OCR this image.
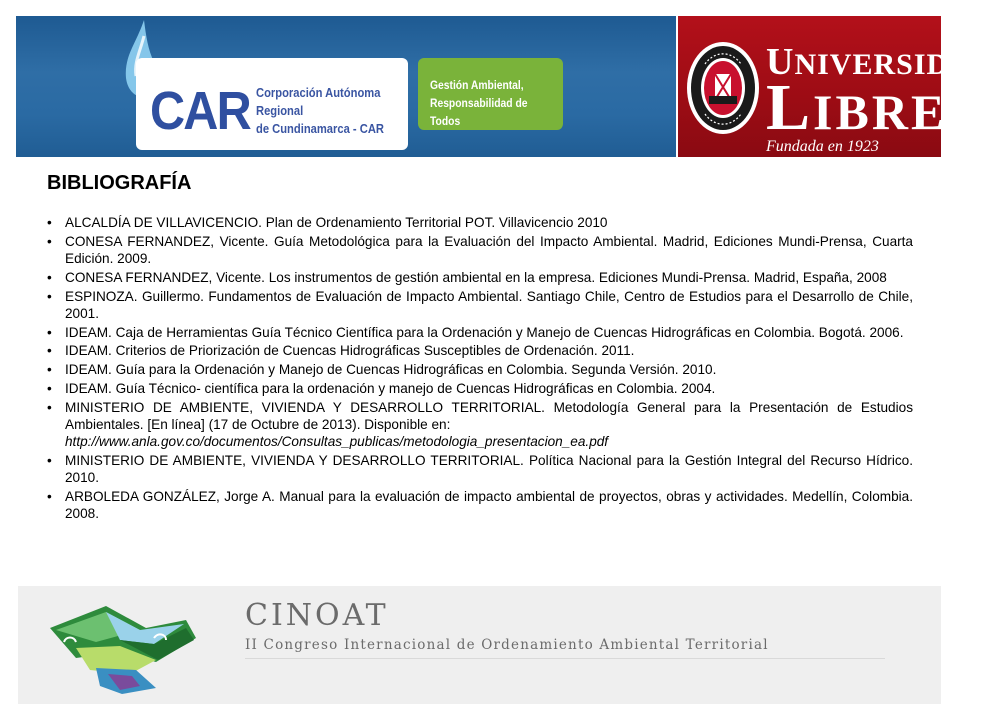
CAR Corporación Autónoma Regional
de Cundinamarca - CAR
Gestión Ambiental,
Responsabilidad de Todos
UNIVERSIDAD
LIBRE
Fundada en 1923
BIBLIOGRAFÍA
• ALCALDÍA DE VILLAVICENCIO. Plan de Ordenamiento Territorial POT. Villavicencio 2010
• CONESA FERNANDEZ, Vicente. Guía Metodológica para la Evaluación del Impacto Ambiental. Madrid, Ediciones Mundi-Prensa, Cuarta Edición. 2009.
• CONESA FERNANDEZ, Vicente. Los instrumentos de gestión ambiental en la empresa. Ediciones Mundi-Prensa. Madrid, España, 2008
• ESPINOZA. Guillermo. Fundamentos de Evaluación de Impacto Ambiental. Santiago Chile, Centro de Estudios para el Desarrollo de Chile, 2001.
• IDEAM. Caja de Herramientas Guía Técnico Científica para la Ordenación y Manejo de Cuencas Hidrográficas en Colombia. Bogotá. 2006.
• IDEAM. Criterios de Priorización de Cuencas Hidrográficas Susceptibles de Ordenación. 2011.
• IDEAM. Guía para la Ordenación y Manejo de Cuencas Hidrográficas en Colombia. Segunda Versión. 2010.
• IDEAM. Guía Técnico- científica para la ordenación y manejo de Cuencas Hidrográficas en Colombia. 2004.
• MINISTERIO DE AMBIENTE, VIVIENDA Y DESARROLLO TERRITORIAL. Metodología General para la Presentación de Estudios Ambientales. [En línea] (17 de Octubre de 2013). Disponible en:
http://www.anla.gov.co/documentos/Consultas_publicas/metodologia_presentacion_ea.pdf
• MINISTERIO DE AMBIENTE, VIVIENDA Y DESARROLLO TERRITORIAL. Política Nacional para la Gestión Integral del Recurso Hídrico. 2010.
• ARBOLEDA GONZÁLEZ, Jorge A. Manual para la evaluación de impacto ambiental de proyectos, obras y actividades. Medellín, Colombia. 2008.
CINOAT
II Congreso Internacional de Ordenamiento Ambiental Territorial
